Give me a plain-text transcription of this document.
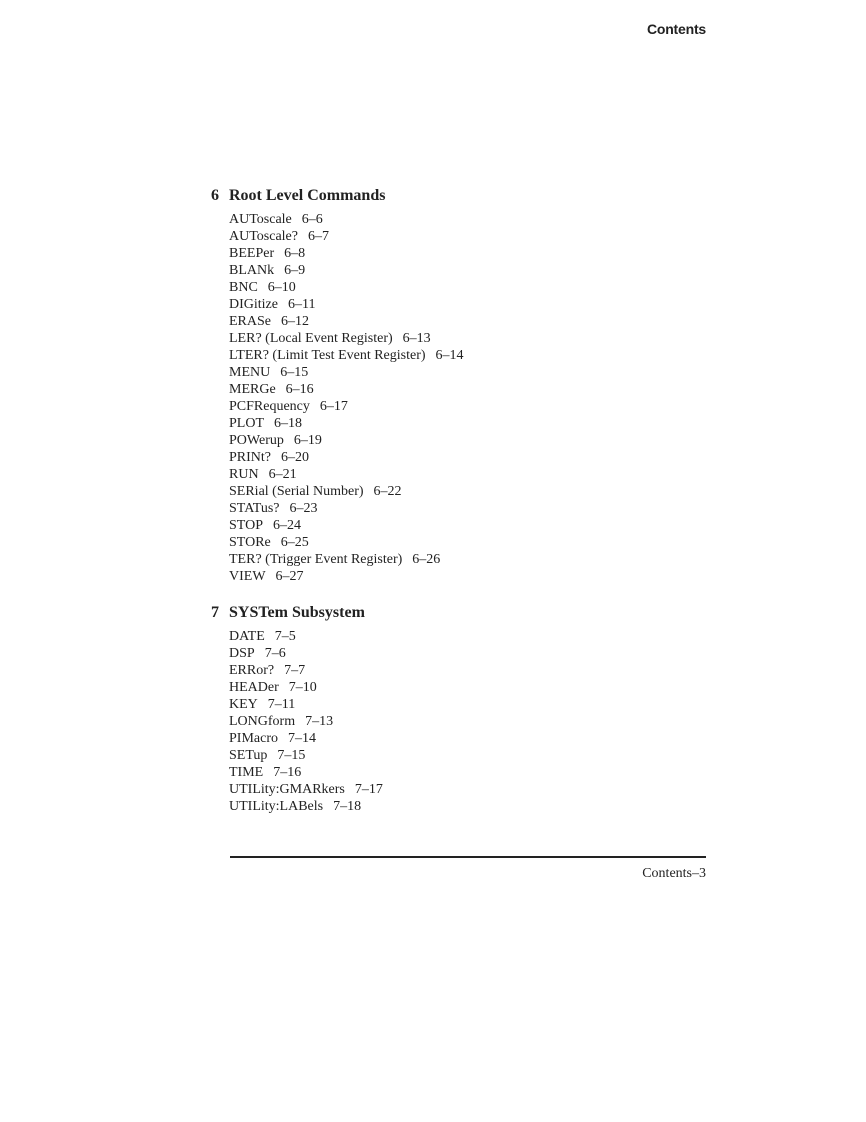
Contents
6 Root Level Commands
AUToscale 6–6
AUToscale? 6–7
BEEPer 6–8
BLANk 6–9
BNC 6–10
DIGitize 6–11
ERASe 6–12
LER? (Local Event Register) 6–13
LTER? (Limit Test Event Register) 6–14
MENU 6–15
MERGe 6–16
PCFRequency 6–17
PLOT 6–18
POWerup 6–19
PRINt? 6–20
RUN 6–21
SERial (Serial Number) 6–22
STATus? 6–23
STOP 6–24
STORe 6–25
TER? (Trigger Event Register) 6–26
VIEW 6–27
7 SYSTem Subsystem
DATE 7–5
DSP 7–6
ERRor? 7–7
HEADer 7–10
KEY 7–11
LONGform 7–13
PIMacro 7–14
SETup 7–15
TIME 7–16
UTILity:GMARkers 7–17
UTILity:LABels 7–18
Contents–3
